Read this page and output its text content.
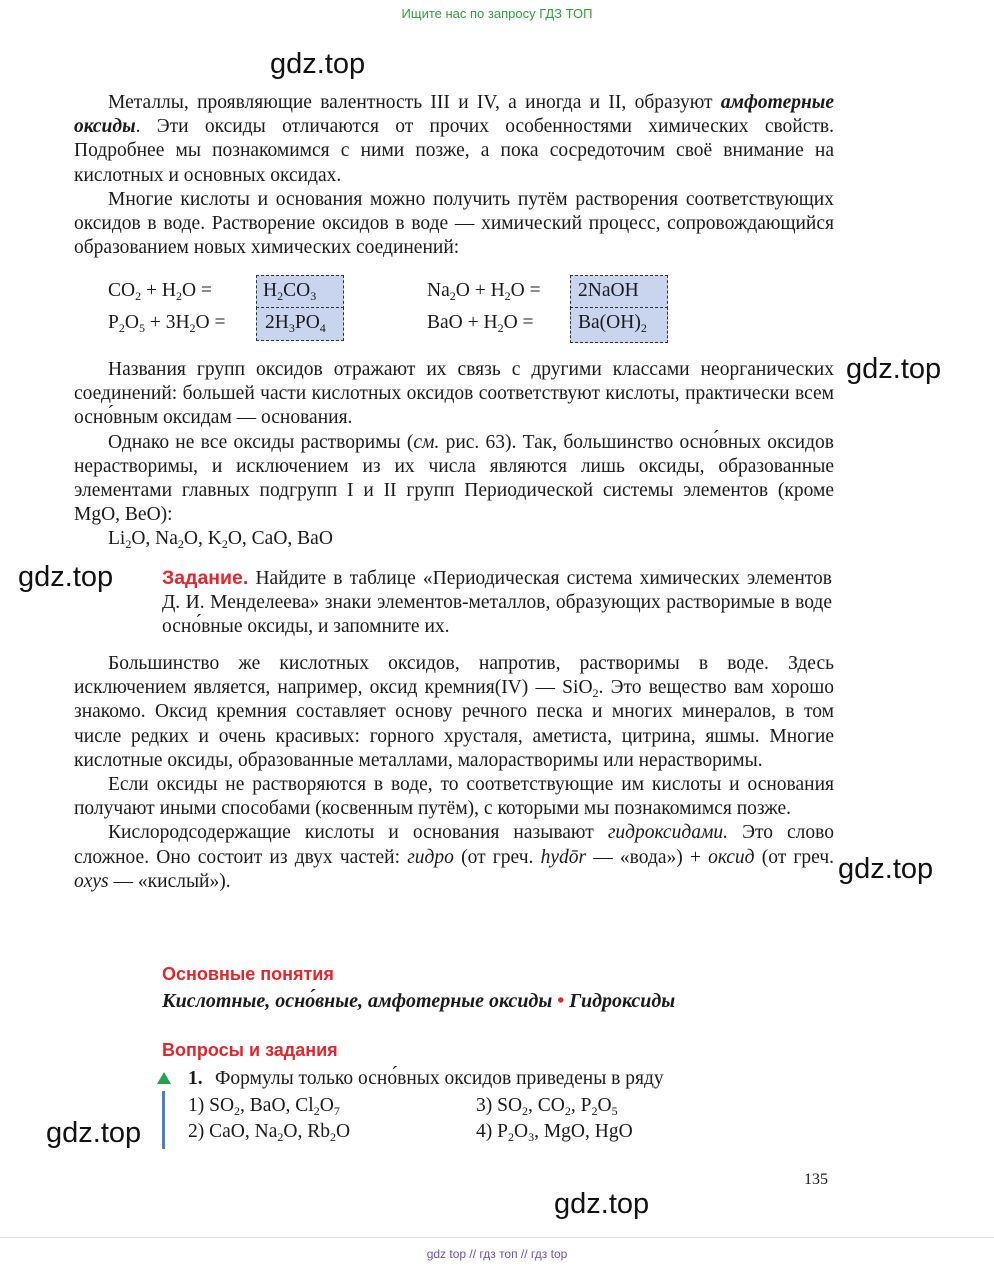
Ищите нас по запросу ГДЗ ТОП
gdz.top
gdz.top
gdz.top
gdz.top
gdz.top
gdz.top

Металлы, проявляющие валентность III и IV, а иногда и II, образуют амфотерные оксиды. Эти оксиды отличаются от прочих особенностями химических свойств. Подробнее мы познакомимся с ними позже, а пока сосредоточим своё внимание на кислотных и основных оксидах.

Многие кислоты и основания можно получить путём растворения соответствующих оксидов в воде. Растворение оксидов в воде — химический процесс, сопровождающийся образованием новых химических соединений:

$CO_2 + H_2O$ =	$H_2CO_3$
$P_2O_5 + 3H_2O = 2H_3PO_4$
$Na_2O + H_2O$ = 2NaOH
BaO + $H_2O = Ba(OH)_2$

Названия групп оксидов отражают их связь с другими классами неорганических соединений: большей части кислотных оксидов соответствуют кислоты, практически всем осно́вным оксидам — основания.

Однако не все оксиды растворимы (см. рис. 63). Так, большинство осно́вных оксидов нерастворимы, и исключением из их числа являются лишь оксиды, образованные элементами главных подгрупп I и II групп Периодической системы элементов (кроме MgO, BeO):

$Li_2O$, $Na_2O$, $K_2O$, CaO, BaO
Задание. Найдите в таблице «Периодическая система химических элементов Д. И. Менделеева» знаки элементов-металлов, образующих растворимые в воде осно́вные оксиды, и запомните их.

Большинство же кислотных оксидов, напротив, растворимы в воде. Здесь исключением является, например, оксид кремния(IV) — SiO$_2$. Это вещество вам хорошо знакомо. Оксид кремния составляет основу речного песка и многих минералов, в том числе редких и очень красивых: горного хрусталя, аметиста, цитрина, яшмы. Многие кислотные оксиды, образованные металлами, малорастворимы или нерастворимы.

Если оксиды не растворяются в воде, то соответствующие им кислоты и основания получают иными способами (косвенным путём), с которыми мы познакомимся позже.

Кислородсодержащие кислоты и основания называют гидроксидами. Это слово сложное. Оно состоит из двух частей: гидро (от греч. hydōr — «вода») + оксид (от греч. oxys — «кислый»).

Основные понятия
Кислотные, осно́вные, амфотерные оксиды • Гидроксиды
Вопросы и задания
1. Формулы только осно́вных оксидов приведены в ряду
1) $SO_2$, BaO, $Cl_2O_7$
2) CaO, $Na_2O$, $Rb_2O$
3) $SO_2$, $CO_2$, $P_2O_5$
4) $P_2O_3$, MgO, HgO
135
gdz top // гдз топ // гдз top
